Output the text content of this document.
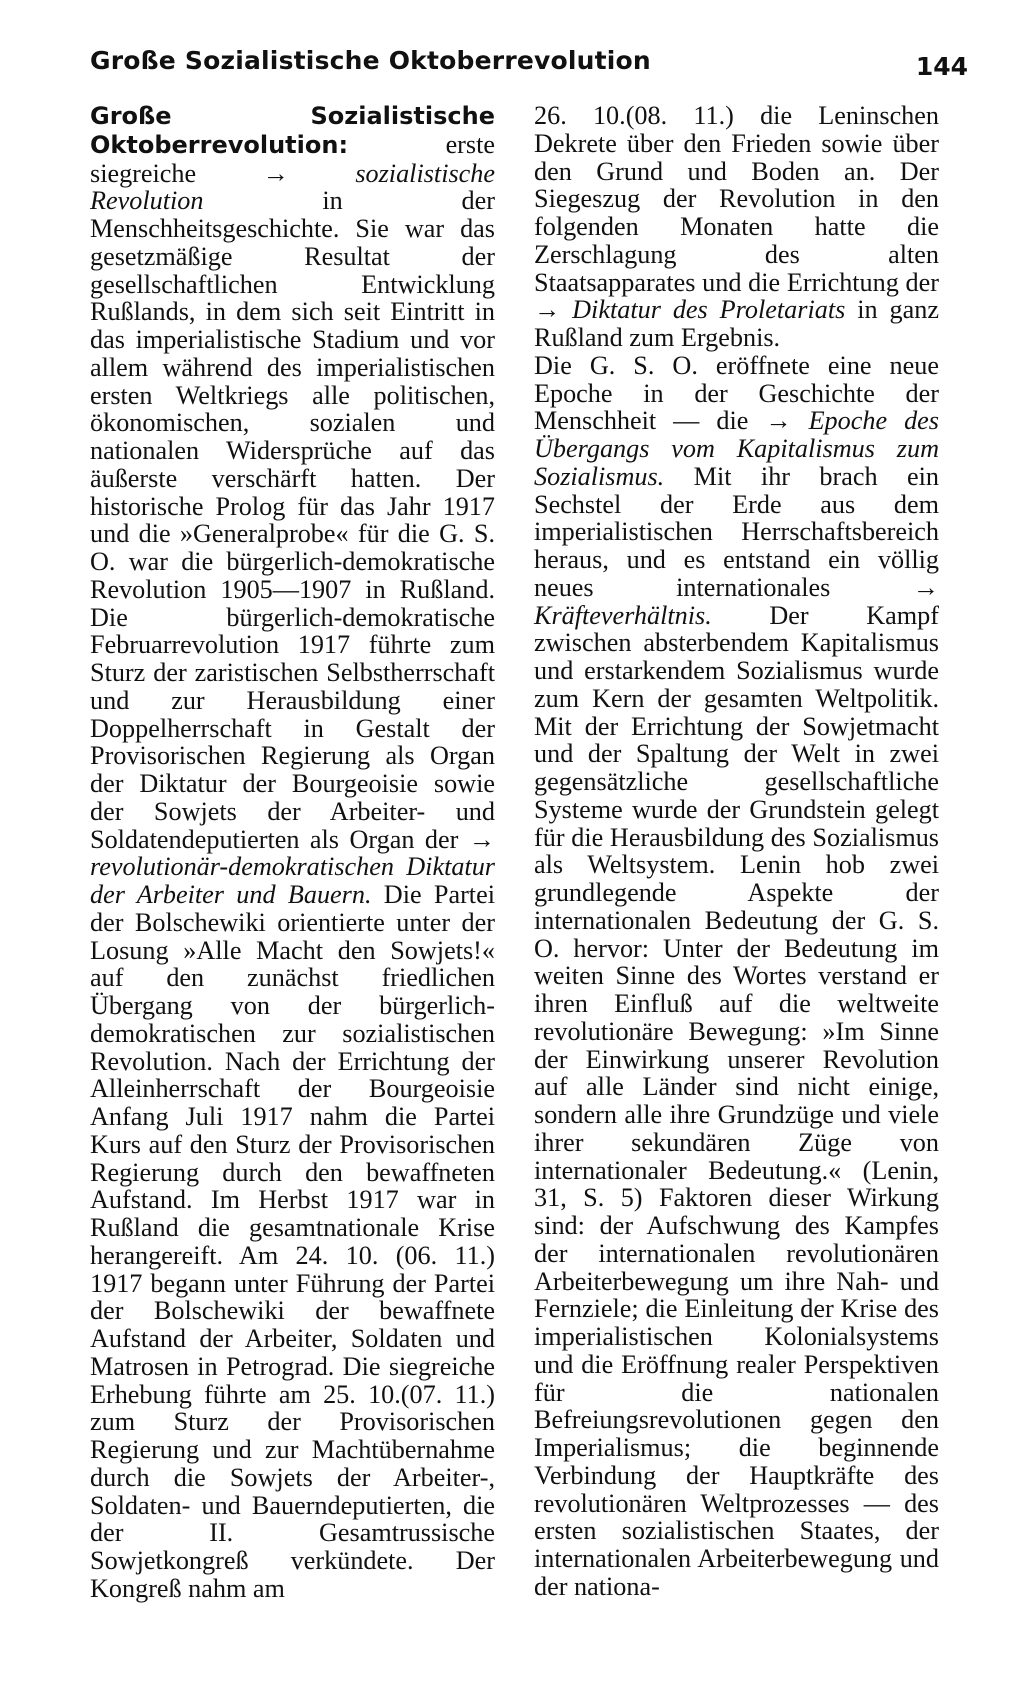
Große Sozialistische Oktoberrevolution	144

Große Sozialistische Oktoberrevolution: erste siegreiche → sozialistische Revolution in der Menschheitsgeschichte. Sie war das gesetzmäßige Resultat der gesellschaftlichen Entwicklung Rußlands, in dem sich seit Eintritt in das imperialistische Stadium und vor allem während des imperialistischen ersten Weltkriegs alle politischen, ökonomischen, sozialen und nationalen Widersprüche auf das äußerste verschärft hatten. Der historische Prolog für das Jahr 1917 und die »Generalprobe« für die G. S. O. war die bürgerlich-demokratische Revolution 1905—1907 in Rußland. Die bürgerlich-demokratische Februarrevolution 1917 führte zum Sturz der zaristischen Selbstherrschaft und zur Herausbildung einer Doppelherrschaft in Gestalt der Provisorischen Regierung als Organ der Diktatur der Bourgeoisie sowie der Sowjets der Arbeiter- und Soldatendeputierten als Organ der → revolutionär-demokratischen Diktatur der Arbeiter und Bauern. Die Partei der Bolschewiki orientierte unter der Losung »Alle Macht den Sowjets!« auf den zunächst friedlichen Übergang von der bürgerlich-demokratischen zur sozialistischen Revolution. Nach der Errichtung der Alleinherrschaft der Bourgeoisie Anfang Juli 1917 nahm die Partei Kurs auf den Sturz der Provisorischen Regierung durch den bewaffneten Aufstand. Im Herbst 1917 war in Rußland die gesamtnationale Krise herangereift. Am 24. 10. (06. 11.) 1917 begann unter Führung der Partei der Bolschewiki der bewaffnete Aufstand der Arbeiter, Soldaten und Matrosen in Petrograd. Die siegreiche Erhebung führte am 25. 10.(07. 11.) zum Sturz der Provisorischen Regierung und zur Machtübernahme durch die Sowjets der Arbeiter-, Soldaten- und Bauerndeputierten, die der II. Gesamtrussische Sowjetkongreß verkündete. Der Kongreß nahm am

26. 10.(08. 11.) die Leninschen Dekrete über den Frieden sowie über den Grund und Boden an. Der Siegeszug der Revolution in den folgenden Monaten hatte die Zerschlagung des alten Staatsapparates und die Errichtung der → Diktatur des Proletariats in ganz Rußland zum Ergebnis.

Die G. S. O. eröffnete eine neue Epoche in der Geschichte der Menschheit — die → Epoche des Übergangs vom Kapitalismus zum Sozialismus. Mit ihr brach ein Sechstel der Erde aus dem imperialistischen Herrschaftsbereich heraus, und es entstand ein völlig neues internationales → Kräfteverhältnis. Der Kampf zwischen absterbendem Kapitalismus und erstarkendem Sozialismus wurde zum Kern der gesamten Weltpolitik. Mit der Errichtung der Sowjetmacht und der Spaltung der Welt in zwei gegensätzliche gesellschaftliche Systeme wurde der Grundstein gelegt für die Herausbildung des Sozialismus als Weltsystem. Lenin hob zwei grundlegende Aspekte der internationalen Bedeutung der G. S. O. hervor: Unter der Bedeutung im weiten Sinne des Wortes verstand er ihren Einfluß auf die weltweite revolutionäre Bewegung: »Im Sinne der Einwirkung unserer Revolution auf alle Länder sind nicht einige, sondern alle ihre Grundzüge und viele ihrer sekundären Züge von internationaler Bedeutung.« (Lenin, 31, S. 5) Faktoren dieser Wirkung sind: der Aufschwung des Kampfes der internationalen revolutionären Arbeiterbewegung um ihre Nah- und Fernziele; die Einleitung der Krise des imperialistischen Kolonialsystems und die Eröffnung realer Perspektiven für die nationalen Befreiungsrevolutionen gegen den Imperialismus; die beginnende Verbindung der Hauptkräfte des revolutionären Weltprozesses — des ersten sozialistischen Staates, der internationalen Arbeiterbewegung und der nationa-
